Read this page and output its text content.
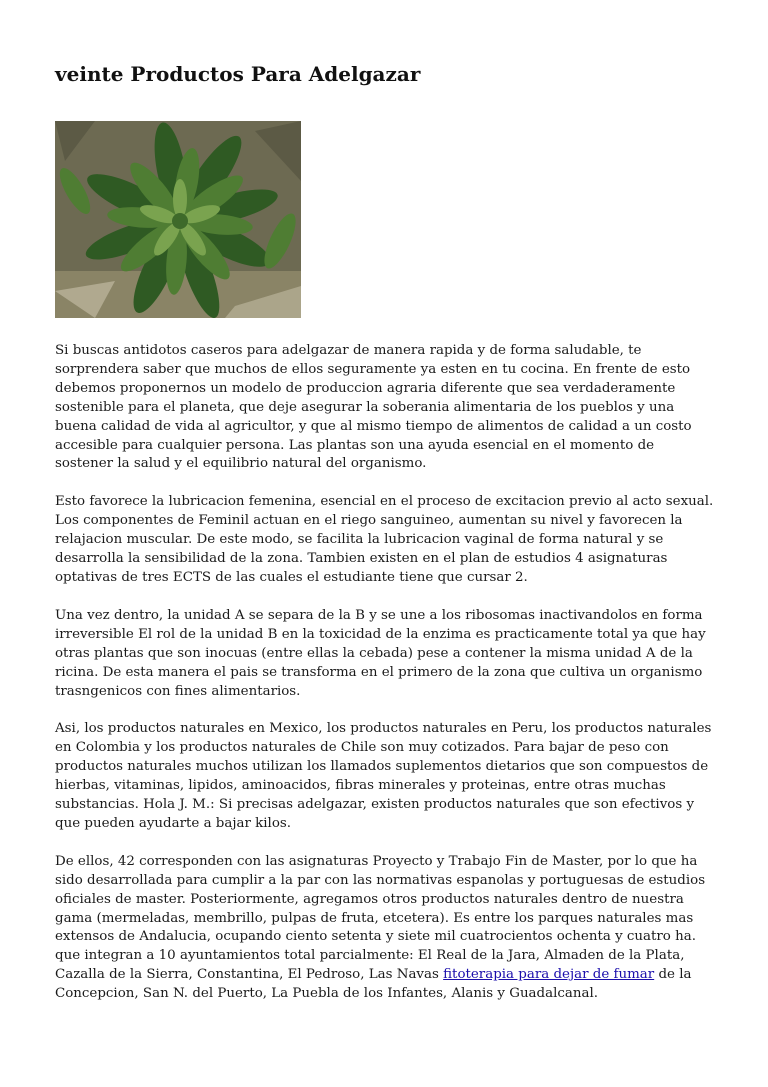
veinte Productos Para Adelgazar

Si buscas antidotos caseros para adelgazar de manera rapida y de forma saludable, te sorprendera saber que muchos de ellos seguramente ya esten en tu cocina. En frente de esto debemos proponernos un modelo de produccion agraria diferente que sea verdaderamente sostenible para el planeta, que deje asegurar la soberania alimentaria de los pueblos y una buena calidad de vida al agricultor, y que al mismo tiempo de alimentos de calidad a un costo accesible para cualquier persona. Las plantas son una ayuda esencial en el momento de sostener la salud y el equilibrio natural del organismo.

Esto favorece la lubricacion femenina, esencial en el proceso de excitacion previo al acto sexual. Los componentes de Feminil actuan en el riego sanguineo, aumentan su nivel y favorecen la relajacion muscular. De este modo, se facilita la lubricacion vaginal de forma natural y se desarrolla la sensibilidad de la zona. Tambien existen en el plan de estudios 4 asignaturas optativas de tres ECTS de las cuales el estudiante tiene que cursar 2.

Una vez dentro, la unidad A se separa de la B y se une a los ribosomas inactivandolos en forma irreversible El rol de la unidad B en la toxicidad de la enzima es practicamente total ya que hay otras plantas que son inocuas (entre ellas la cebada) pese a contener la misma unidad A de la ricina. De esta manera el pais se transforma en el primero de la zona que cultiva un organismo trasngenicos con fines alimentarios.

Asi, los productos naturales en Mexico, los productos naturales en Peru, los productos naturales en Colombia y los productos naturales de Chile son muy cotizados. Para bajar de peso con productos naturales muchos utilizan los llamados suplementos dietarios que son compuestos de hierbas, vitaminas, lipidos, aminoacidos, fibras minerales y proteinas, entre otras muchas substancias. Hola J. M.: Si precisas adelgazar, existen productos naturales que son efectivos y que pueden ayudarte a bajar kilos.

De ellos, 42 corresponden con las asignaturas Proyecto y Trabajo Fin de Master, por lo que ha sido desarrollada para cumplir a la par con las normativas espanolas y portuguesas de estudios oficiales de master. Posteriormente, agregamos otros productos naturales dentro de nuestra gama (mermeladas, membrillo, pulpas de fruta, etcetera). Es entre los parques naturales mas extensos de Andalucia, ocupando ciento setenta y siete mil cuatrocientos ochenta y cuatro ha. que integran a 10 ayuntamientos total parcialmente: El Real de la Jara, Almaden de la Plata, Cazalla de la Sierra, Constantina, El Pedroso, Las Navas fitoterapia para dejar de fumar de la Concepcion, San N. del Puerto, La Puebla de los Infantes, Alanis y Guadalcanal.
